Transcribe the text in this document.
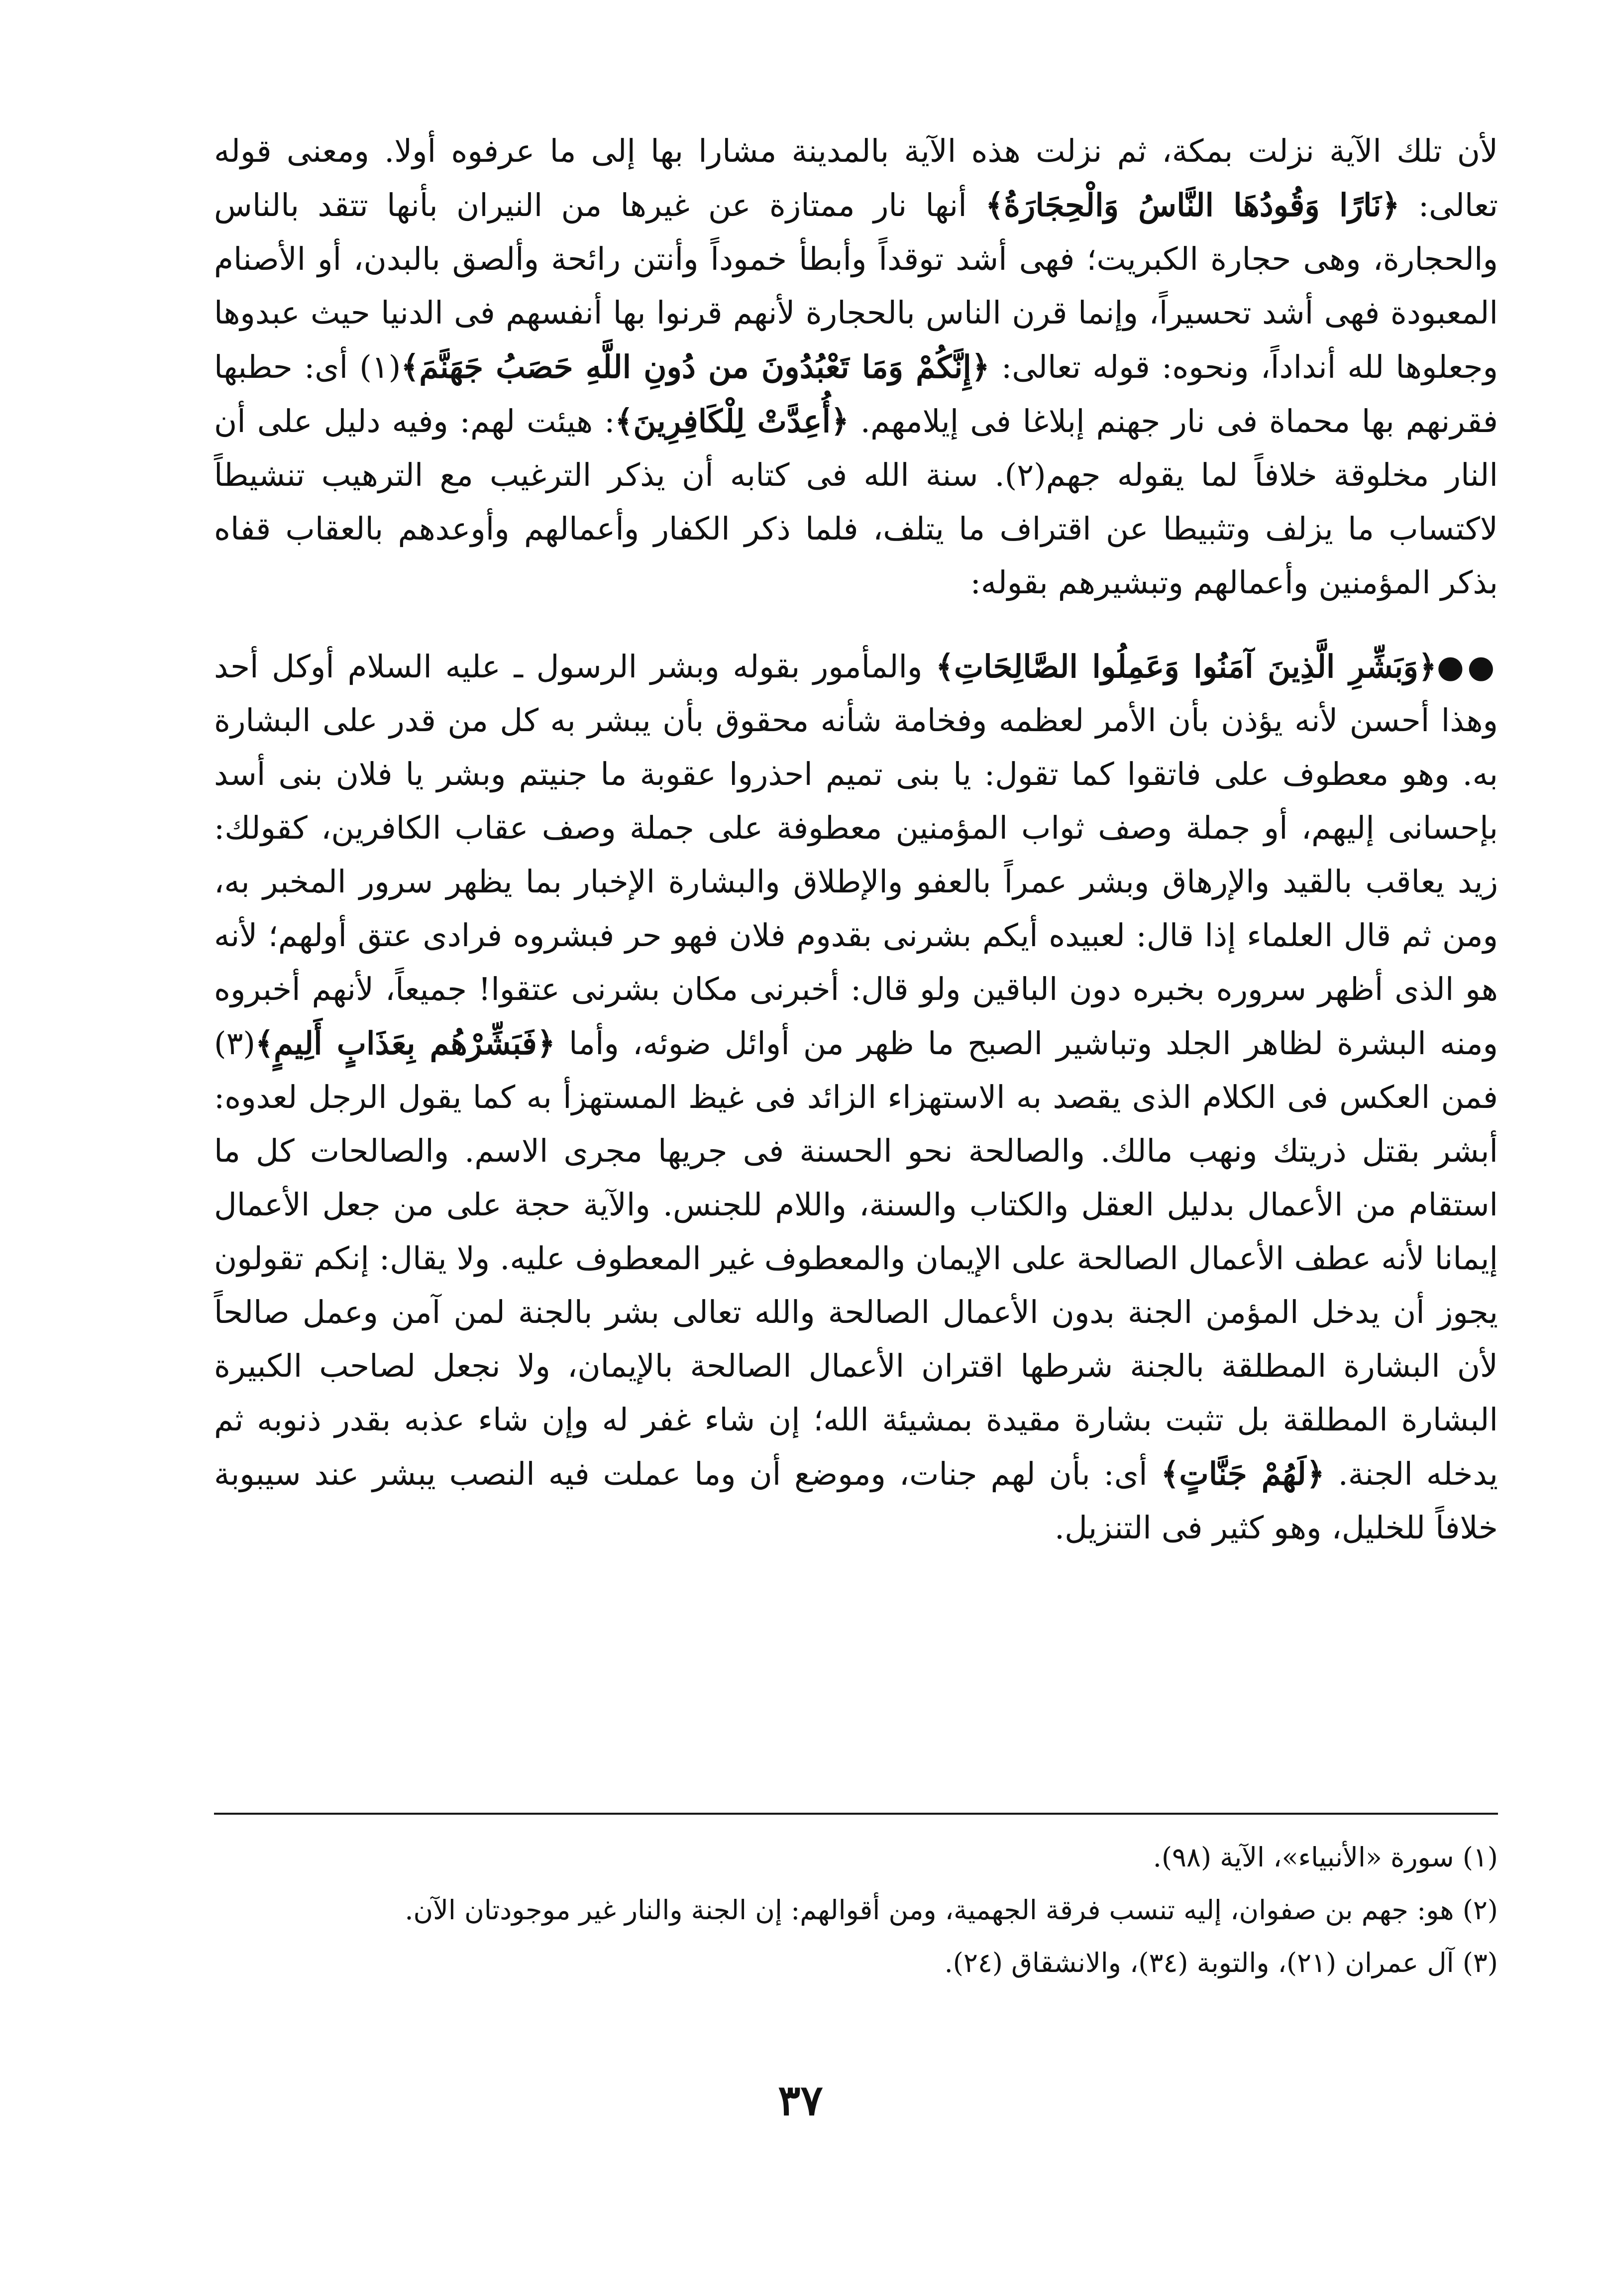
لأن تلك الآية نزلت بمكة، ثم نزلت هذه الآية بالمدينة مشارا بها إلى ما عرفوه أولا. ومعنى قوله تعالى: ﴿نَارًا وَقُودُهَا النَّاسُ وَالْحِجَارَةُ﴾ أنها نار ممتازة عن غيرها من النيران بأنها تتقد بالناس والحجارة، وهى حجارة الكبريت؛ فهى أشد توقداً وأبطأ خموداً وأنتن رائحة وألصق بالبدن، أو الأصنام المعبودة فهى أشد تحسيراً، وإنما قرن الناس بالحجارة لأنهم قرنوا بها أنفسهم فى الدنيا حيث عبدوها وجعلوها لله أنداداً، ونحوه: قوله تعالى: ﴿إِنَّكُمْ وَمَا تَعْبُدُونَ من دُونِ اللَّهِ حَصَبُ جَهَنَّمَ﴾(١) أى: حطبها فقرنهم بها محماة فى نار جهنم إبلاغا فى إيلامهم. ﴿أُعِدَّتْ لِلْكَافِرِينَ﴾: هيئت لهم: وفيه دليل على أن النار مخلوقة خلافاً لما يقوله جهم(٢). سنة الله فى كتابه أن يذكر الترغيب مع الترهيب تنشيطاً لاكتساب ما يزلف وتثبيطا عن اقتراف ما يتلف، فلما ذكر الكفار وأعمالهم وأوعدهم بالعقاب قفاه بذكر المؤمنين وأعمالهم وتبشيرهم بقوله:

●●﴿وَبَشِّرِ الَّذِينَ آمَنُوا وَعَمِلُوا الصَّالِحَاتِ﴾ والمأمور بقوله وبشر الرسول ـ عليه السلام أوكل أحد وهذا أحسن لأنه يؤذن بأن الأمر لعظمه وفخامة شأنه محقوق بأن يبشر به كل من قدر على البشارة به. وهو معطوف على فاتقوا كما تقول: يا بنى تميم احذروا عقوبة ما جنيتم وبشر يا فلان بنى أسد بإحسانى إليهم، أو جملة وصف ثواب المؤمنين معطوفة على جملة وصف عقاب الكافرين، كقولك: زيد يعاقب بالقيد والإرهاق وبشر عمراً بالعفو والإطلاق والبشارة الإخبار بما يظهر سرور المخبر به، ومن ثم قال العلماء إذا قال: لعبيده أيكم بشرنى بقدوم فلان فهو حر فبشروه فرادى عتق أولهم؛ لأنه هو الذى أظهر سروره بخبره دون الباقين ولو قال: أخبرنى مكان بشرنى عتقوا! جميعاً، لأنهم أخبروه ومنه البشرة لظاهر الجلد وتباشير الصبح ما ظهر من أوائل ضوئه، وأما ﴿فَبَشِّرْهُم بِعَذَابٍ أَلِيمٍ﴾(٣) فمن العكس فى الكلام الذى يقصد به الاستهزاء الزائد فى غيظ المستهزأ به كما يقول الرجل لعدوه: أبشر بقتل ذريتك ونهب مالك. والصالحة نحو الحسنة فى جريها مجرى الاسم. والصالحات كل ما استقام من الأعمال بدليل العقل والكتاب والسنة، واللام للجنس. والآية حجة على من جعل الأعمال إيمانا لأنه عطف الأعمال الصالحة على الإيمان والمعطوف غير المعطوف عليه. ولا يقال: إنكم تقولون يجوز أن يدخل المؤمن الجنة بدون الأعمال الصالحة والله تعالى بشر بالجنة لمن آمن وعمل صالحاً لأن البشارة المطلقة بالجنة شرطها اقتران الأعمال الصالحة بالإيمان، ولا نجعل لصاحب الكبيرة البشارة المطلقة بل تثبت بشارة مقيدة بمشيئة الله؛ إن شاء غفر له وإن شاء عذبه بقدر ذنوبه ثم يدخله الجنة. ﴿لَهُمْ جَنَّاتٍ﴾ أى: بأن لهم جنات، وموضع أن وما عملت فيه النصب يبشر عند سيبوبة خلافاً للخليل، وهو كثير فى التنزيل.

(١) سورة «الأنبياء»، الآية (٩٨).

(٢) هو: جهم بن صفوان، إليه تنسب فرقة الجهمية، ومن أقوالهم: إن الجنة والنار غير موجودتان الآن.

(٣) آل عمران (٢١)، والتوبة (٣٤)، والانشقاق (٢٤).

٣٧
